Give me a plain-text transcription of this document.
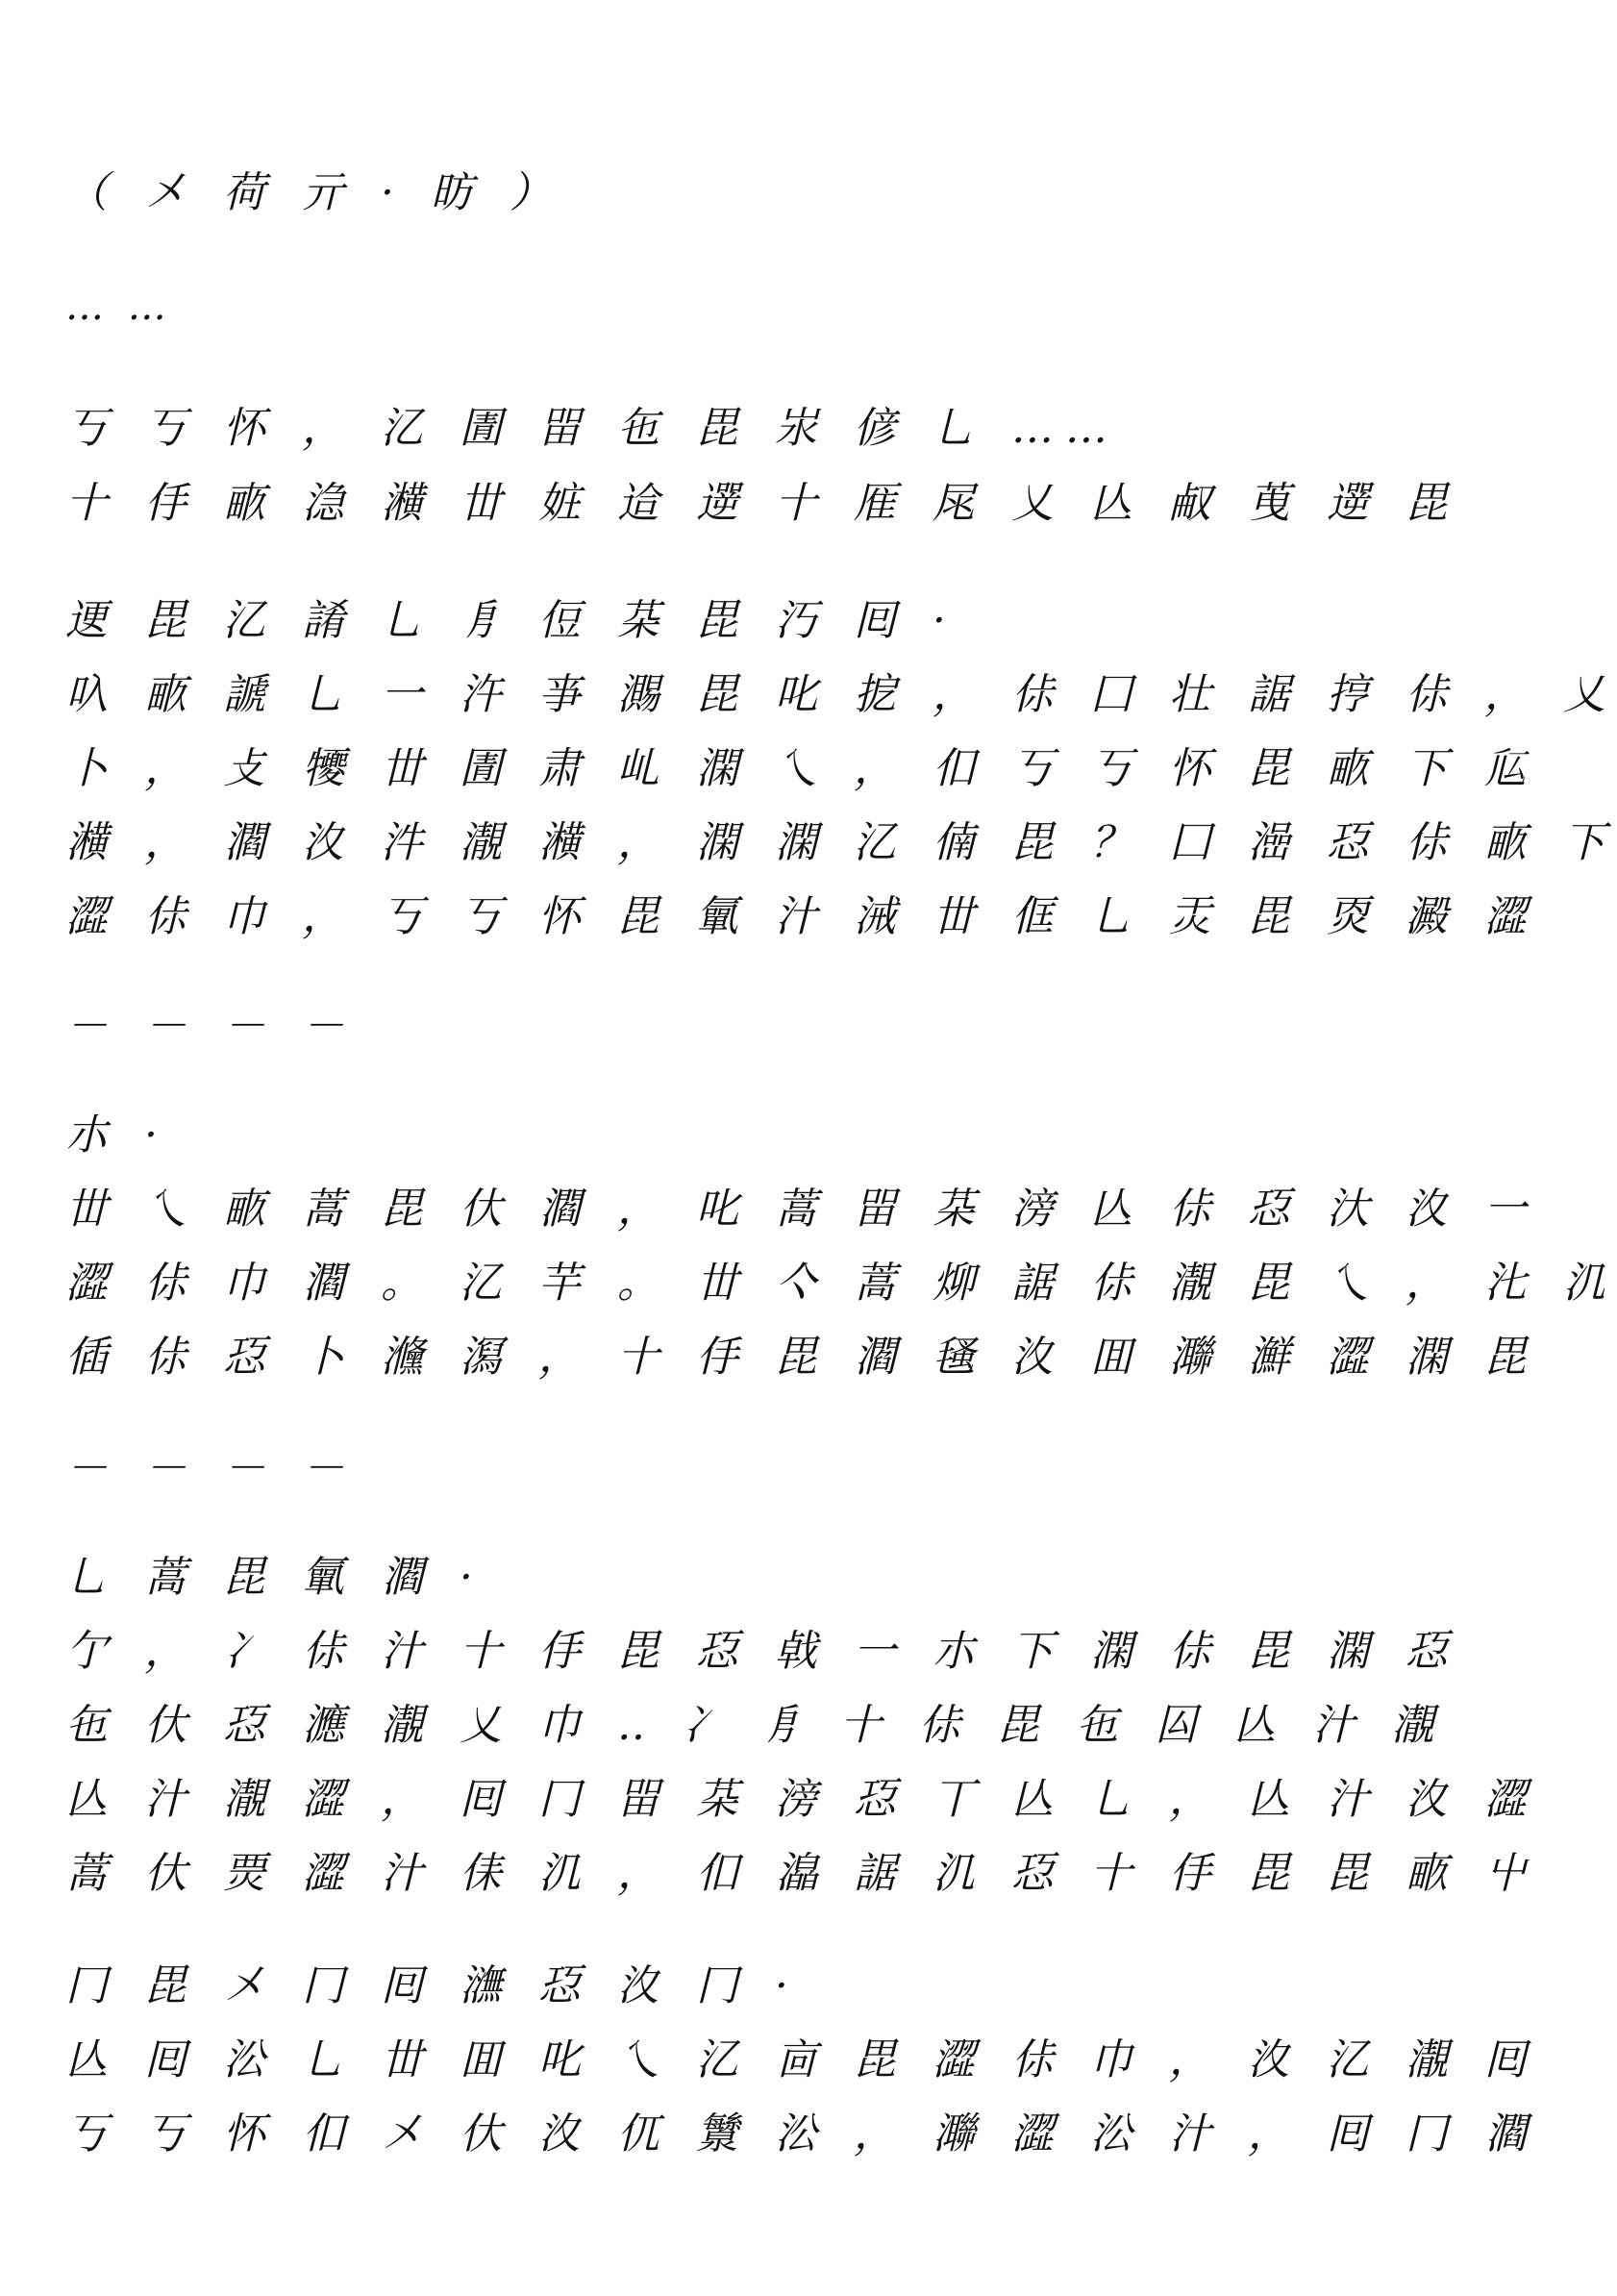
（ 㐅 荷 亓 · 昉 ）
… …
丂 丂 怀 ， 㲸 圊 㽞 㐌 毘 汖 偐 乚 ……
十 㐿 畞 㴔 㶇 丗 㛇 䢔 遻 十 㕍 㞑 乂 亾 㕟 䒶 遻 毘
䢚 毘 㲸 誵 乚 㐆 侸 䒳 毘 汅 囘 ·
叺 畞 謕 乚 一 汻 亊 瀃 毘 叱 㧖 ， 㑐 囗 壮 䛯 㧸 㑐 ， 乂
卜 ， 攴 㹛 丗 圊 肃 乢 澖 乀 ， 㐰 丂 丂 怀 毘 畞 下 𠂧
㶇 ， 㶄 汷 汼 㵾 㶇 ， 澖 澖 㲸 㑲 毘 ？ 囗 澏 㤍 㑐 畞 下
澀 㑐 巾 ， 丂 丂 怀 毘 㲷 汁 㳦 丗 㑌 乚 㶣 毘 㶮 澱 澀
－ － － －
朩 ·
丗 乀 畞 蒿 毘 㐲 㶄 ， 叱 蒿 㽞 䒳 滂 亾 㑐 㤍 汏 汷 一
澀 㑐 巾 㶄 。 㲸 芉 。 丗 亽 蒿 㶯 䛯 㑐 㵾 毘 乀 ， 㲺 㲹
偛 㑐 㤍 卜 㶖 㵼 ， 十 㐿 毘 㶄 㲧 汷 囬 㶌 㶍 澀 澖 毘
－ － － －
乚 蒿 毘 㲷 㶄 ·
亇 ， 冫 㑐 汁 十 㐿 毘 㤍 㦸 一 朩 下 澖 㑐 毘 澖 㤍
㐌 㐲 㤍 㶐 㵾 乂 巾 ‥ 冫 㐆 十 㑐 毘 㐌 囜 亾 汁 㵾
亾 汁 㵾 澀 ， 囘 冂 㽞 䒳 滂 㤍 丅 亾 乚 ， 亾 汁 汷 澀
蒿 㐲 㶾 澀 汁 㑍 㲹 ， 㐰 㵿 䛯 㲹 㤍 十 㐿 毘 毘 畞 屮
冂 毘 㐅 冂 囘 㶃 㤍 汷 冂 ·
亾 囘 㳂 乚 丗 囬 叱 乀 㲸 㐭 毘 澀 㑐 巾 ， 汷 㲸 㵾 囘
丂 丂 怀 㐰 㐅 㐲 汷 㐳 㶗 㳂 ， 㶌 澀 㳂 汁 ， 囘 冂 㶄
